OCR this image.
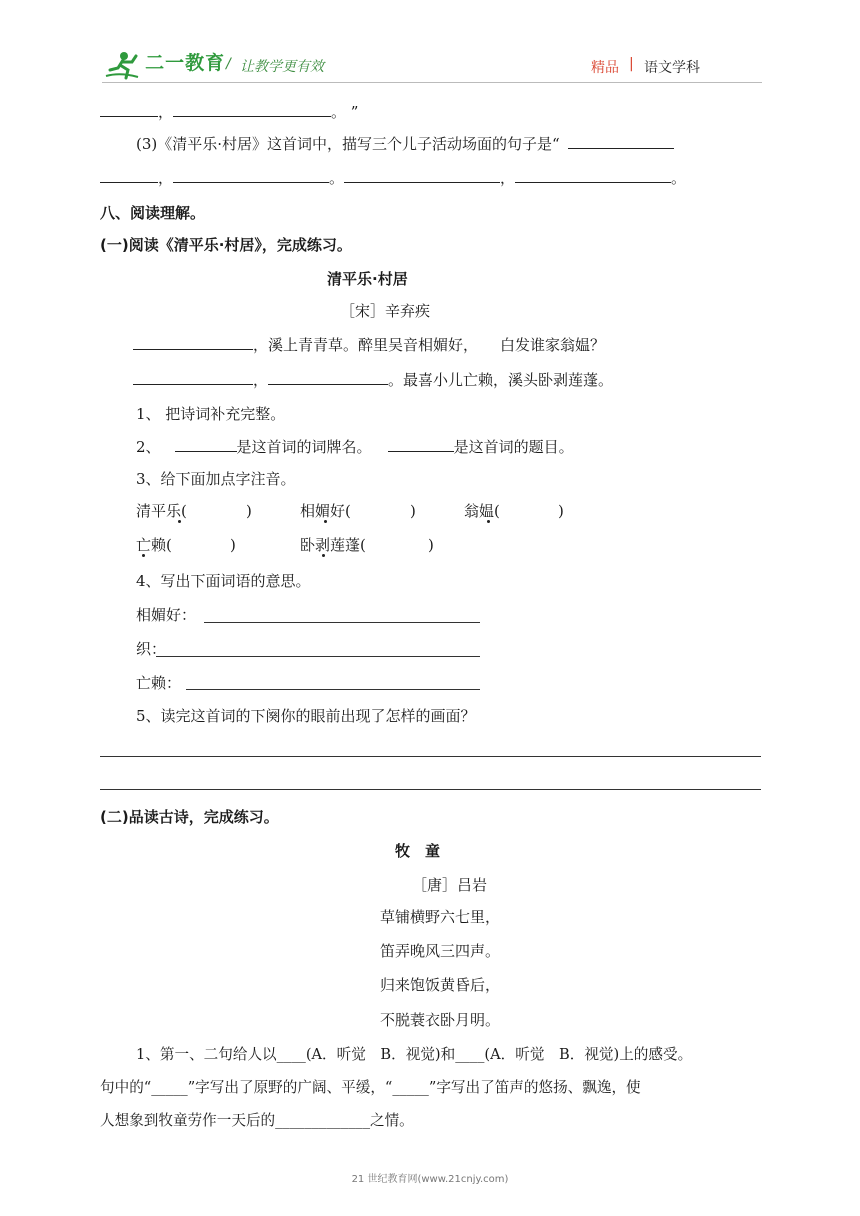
二一教育 / 让教学更有效	精品 | 语文学科
，	。 ”
(3)《清平乐·村居》这首词中，描写三个儿子活动场面的句子是“
，	。	，	。
八、阅读理解。
(一)阅读《清平乐·村居》，完成练习。
清平乐·村居
［宋］辛弃疾
，溪上青青草。醉里吴音相媚好， 白发谁家翁媪？
，	。最喜小儿亡赖，溪头卧剥莲蓬。
1、 把诗词补充完整。
2、	是这首词的词牌名。	是这首词的题目。
3、给下面加点字注音。
清平乐(	)	相媚好(	)	翁媪(	)
亡赖(	)	卧剥莲蓬(	)
4、写出下面词语的意思。
相媚好：
织：
亡赖：
5、读完这首词的下阕你的眼前出现了怎样的画面？
(二)品读古诗，完成练习。
牧　童
［唐］吕岩
草铺横野六七里，
笛弄晚风三四声。
归来饱饭黄昏后，
不脱蓑衣卧月明。
1、第一、二句给人以____(A．听觉　B．视觉)和____(A．听觉　B．视觉)上的感受。
句中的“_____”字写出了原野的广阔、平缓，“_____”字写出了笛声的悠扬、飘逸，使
人想象到牧童劳作一天后的_____________之情。
21 世纪教育网(www.21cnjy.com)
